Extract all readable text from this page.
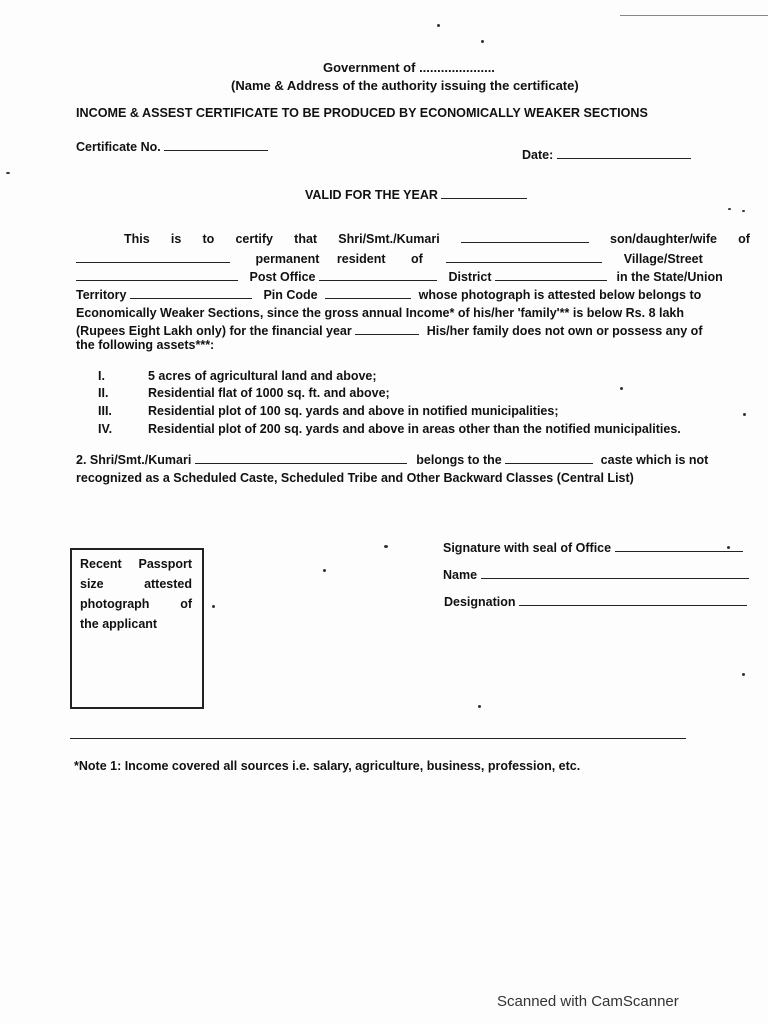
Government of .....................
(Name & Address of the authority issuing the certificate)
INCOME & ASSEST CERTIFICATE TO BE PRODUCED BY ECONOMICALLY WEAKER SECTIONS
Certificate No.
Date:
VALID FOR THE YEAR
This is to certify that Shri/Smt./Kumari	son/daughter/wife of
permanent resident of	Village/Street
Post Office	District	in the State/Union
Territory	Pin Code	whose photograph is attested below belongs to
Economically Weaker Sections, since the gross annual Income* of his/her 'family'** is below Rs. 8 lakh
(Rupees Eight Lakh only) for the financial year	His/her family does not own or possess any of
the following assets***:
I.	5 acres of agricultural land and above;
II.	Residential flat of 1000 sq. ft. and above;
III.	Residential plot of 100 sq. yards and above in notified municipalities;
IV.	Residential plot of 200 sq. yards and above in areas other than the notified municipalities.
2. Shri/Smt./Kumari	belongs to the	caste which is not
recognized as a Scheduled Caste, Scheduled Tribe and Other Backward Classes (Central List)
Recent Passport
size attested
photograph of
the applicant
Signature with seal of Office
Name
Designation
*Note 1: Income covered all sources i.e. salary, agriculture, business, profession, etc.
Scanned with CamScanner
